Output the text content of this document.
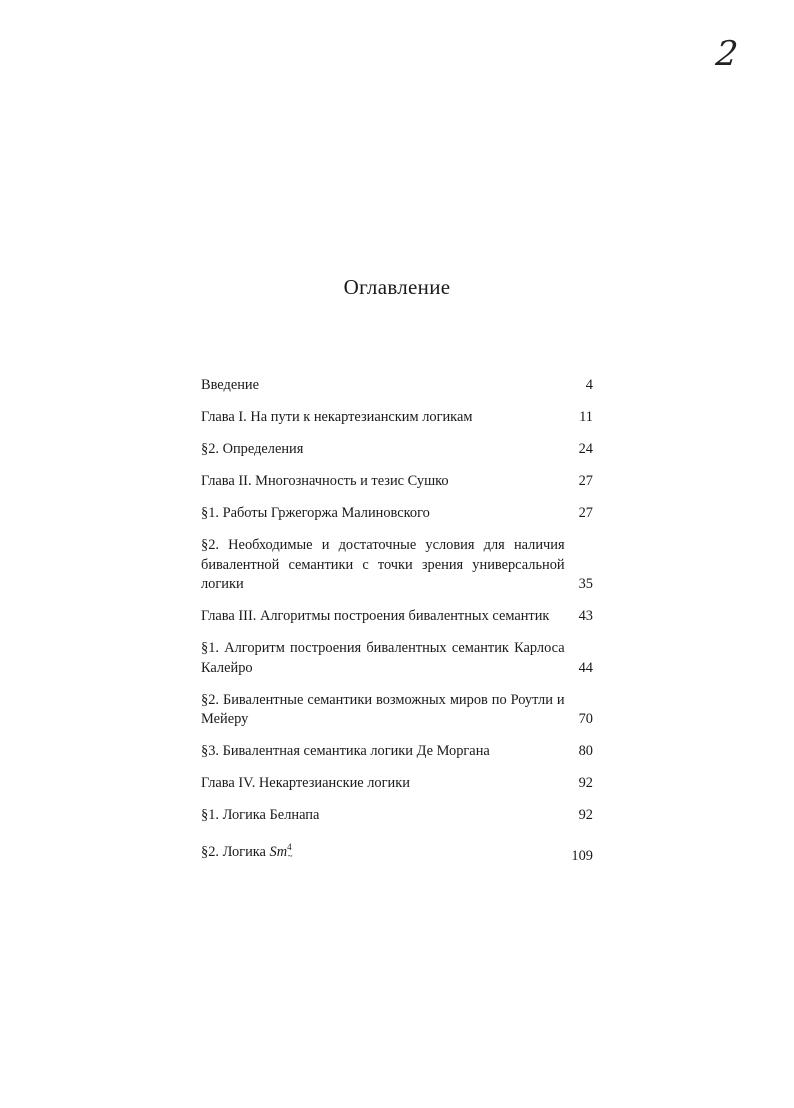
2
Оглавление
Введение	4
Глава I. На пути к некартезианским логикам	11
§2. Определения	24
Глава II. Многозначность и тезис Сушко	27
§1. Работы Гржегоржа Малиновского	27
§2. Необходимые и достаточные условия для наличия бивалентной семантики с точки зрения универсальной логики	35
Глава III. Алгоритмы построения бивалентных семантик	43
§1. Алгоритм построения бивалентных семантик Карлоса Калейро	44
§2. Бивалентные семантики возможных миров по Роутли и Мейеру	70
§3. Бивалентная семантика логики Де Моргана	80
Глава IV. Некартезианские логики	92
§1. Логика Белнапа	92
§2. Логика $Sm^4_\sim$	109
